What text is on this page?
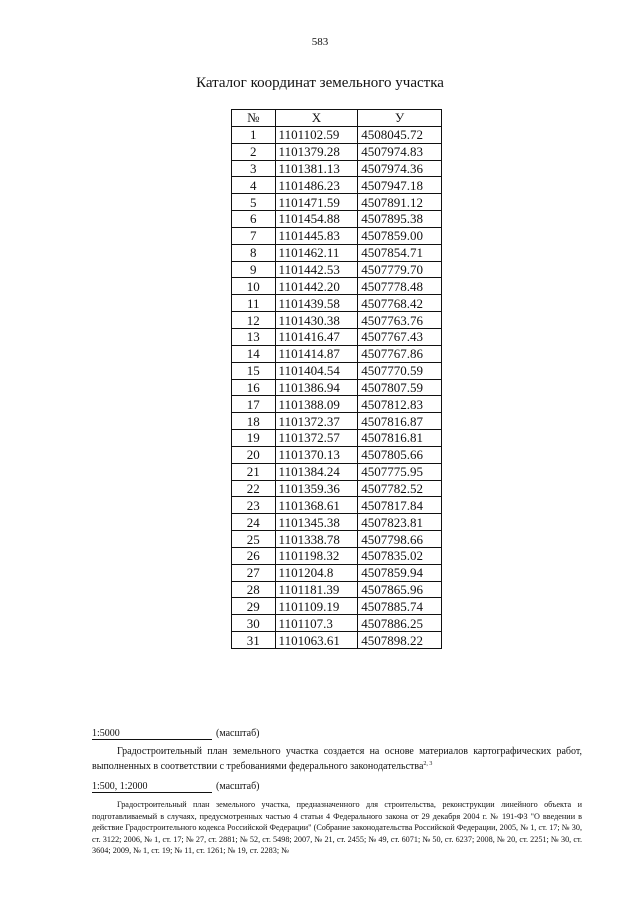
583
Каталог координат земельного участка
№	X	У
1	1101102.59	4508045.72
2	1101379.28	4507974.83
3	1101381.13	4507974.36
4	1101486.23	4507947.18
5	1101471.59	4507891.12
6	1101454.88	4507895.38
7	1101445.83	4507859.00
8	1101462.11	4507854.71
9	1101442.53	4507779.70
10	1101442.20	4507778.48
11	1101439.58	4507768.42
12	1101430.38	4507763.76
13	1101416.47	4507767.43
14	1101414.87	4507767.86
15	1101404.54	4507770.59
16	1101386.94	4507807.59
17	1101388.09	4507812.83
18	1101372.37	4507816.87
19	1101372.57	4507816.81
20	1101370.13	4507805.66
21	1101384.24	4507775.95
22	1101359.36	4507782.52
23	1101368.61	4507817.84
24	1101345.38	4507823.81
25	1101338.78	4507798.66
26	1101198.32	4507835.02
27	1101204.8	4507859.94
28	1101181.39	4507865.96
29	1101109.19	4507885.74
30	1101107.3	4507886.25
31	1101063.61	4507898.22
1:5000	(масштаб)
Градостроительный план земельного участка создается на основе материалов картографических работ, выполненных в соответствии с требованиями федерального законодательства$^{2, 3}$
1:500, 1:2000	(масштаб)
Градостроительный план земельного участка, предназначенного для строительства, реконструкции линейного объекта и подготавливаемый в случаях, предусмотренных частью 4 статьи 4 Федерального закона от 29 декабря 2004 г. № 191-ФЗ "О введении в действие Градостроительного кодекса Российской Федерации" (Собрание законодательства Российской Федерации, 2005, № 1, ст. 17; № 30, ст. 3122; 2006, № 1, ст. 17; № 27, ст. 2881; № 52, ст. 5498; 2007, № 21, ст. 2455; № 49, ст. 6071; № 50, ст. 6237; 2008, № 20, ст. 2251; № 30, ст. 3604; 2009, № 1, ст. 19; № 11, ст. 1261; № 19, ст. 2283; №
